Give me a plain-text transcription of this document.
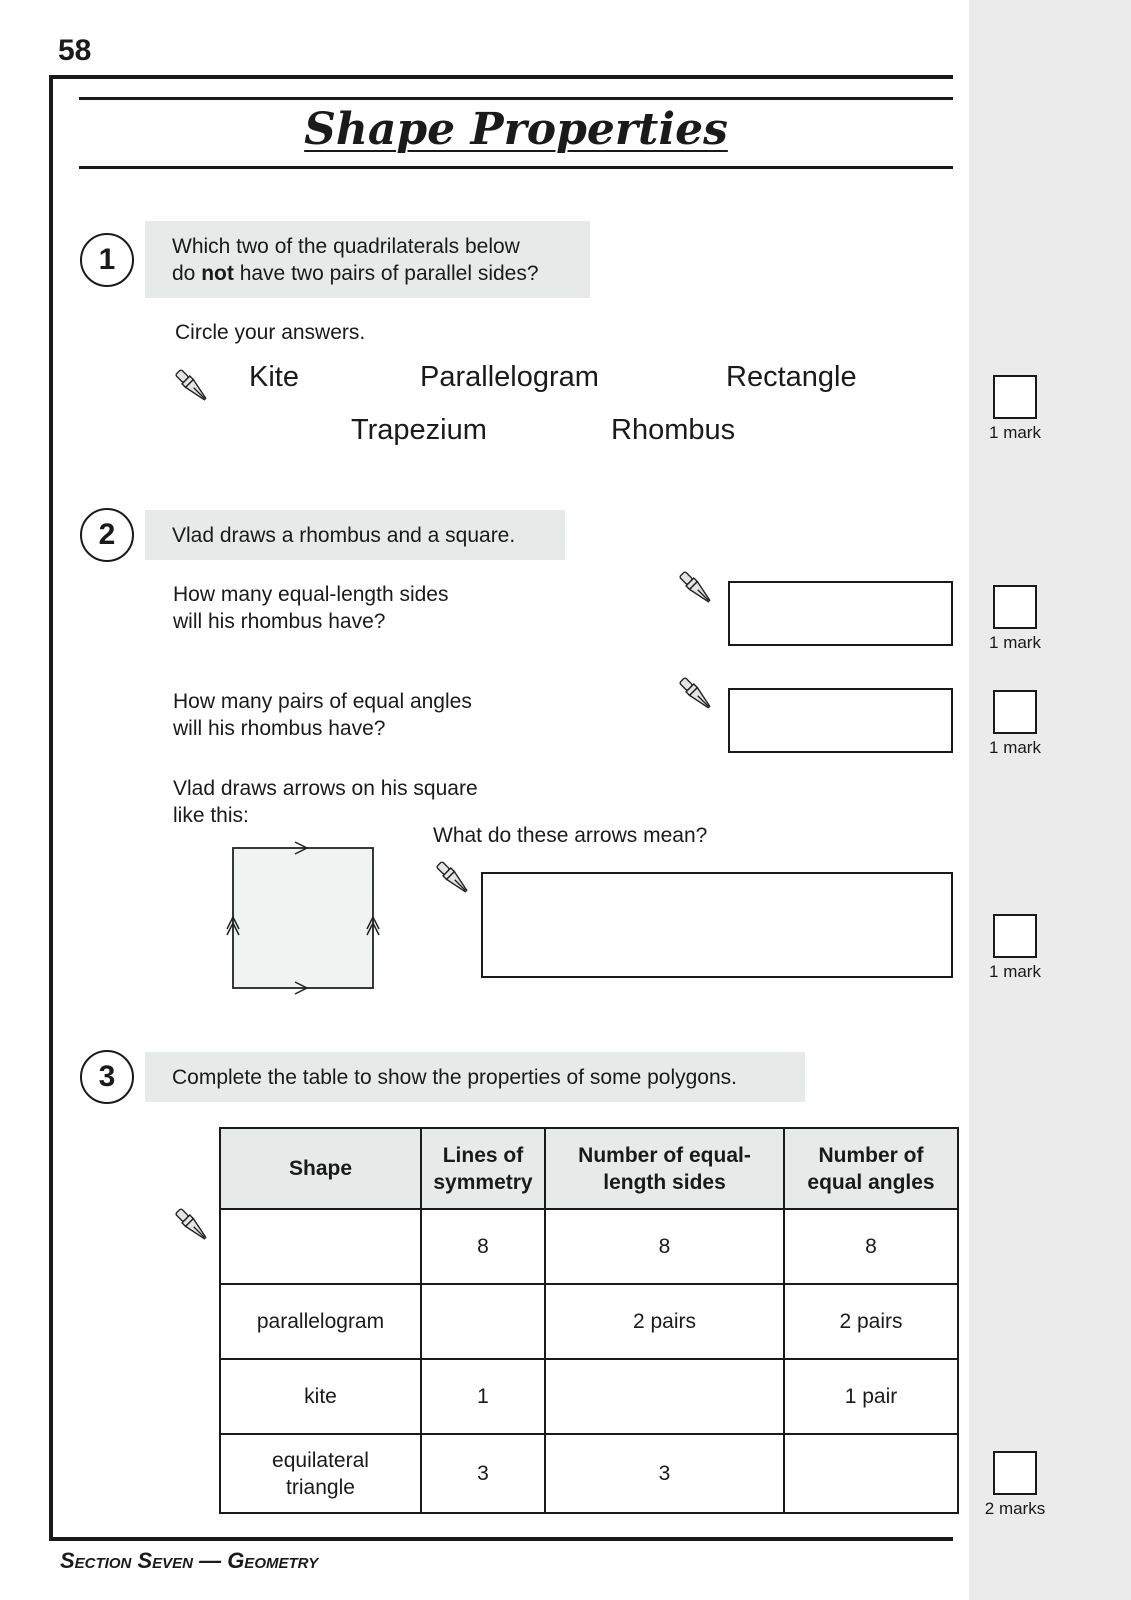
58
Shape Properties
1	Which two of the quadrilaterals below
do not have two pairs of parallel sides?
Circle your answers.
Kite	Parallelogram	Rectangle
Trapezium	Rhombus	1 mark
2	Vlad draws a rhombus and a square.
How many equal-length sides
will his rhombus have?
1 mark
How many pairs of equal angles
will his rhombus have?
1 mark
Vlad draws arrows on his square
like this:
What do these arrows mean?
1 mark
3	Complete the table to show the properties of some polygons.
Shape	Lines of symmetry	Number of equal-length sides	Number of equal angles
	8	8	8
parallelogram		2 pairs	2 pairs
kite	1		1 pair
equilateral
triangle	3	3	
2 marks
Section Seven — Geometry
